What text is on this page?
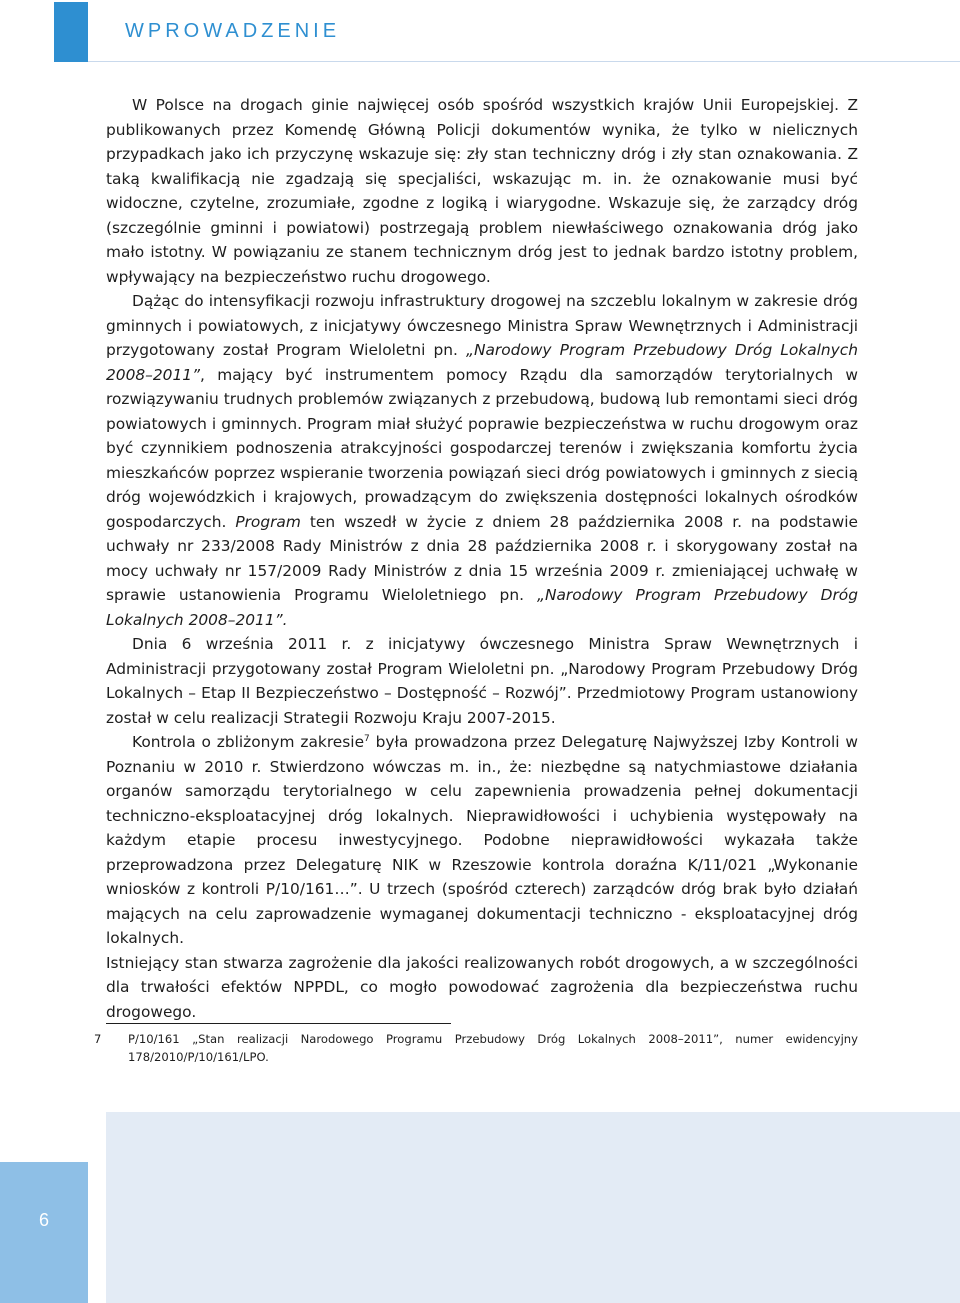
WPROWADZENIE

W Polsce na drogach ginie najwięcej osób spośród wszystkich krajów Unii Europejskiej. Z publikowanych przez Komendę Główną Policji dokumentów wynika, że tylko w nielicznych przypadkach jako ich przyczynę wskazuje się: zły stan techniczny dróg i zły stan oznakowania. Z taką kwalifikacją nie zgadzają się specjaliści, wskazując m. in. że oznakowanie musi być widoczne, czytelne, zrozumiałe, zgodne z logiką i wiarygodne. Wskazuje się, że zarządcy dróg (szczególnie gminni i powiatowi) postrzegają problem niewłaściwego oznakowania dróg jako mało istotny. W powiązaniu ze stanem technicznym dróg jest to jednak bardzo istotny problem, wpływający na bezpieczeństwo ruchu drogowego.

Dążąc do intensyfikacji rozwoju infrastruktury drogowej na szczeblu lokalnym w zakresie dróg gminnych i powiatowych, z inicjatywy ówczesnego Ministra Spraw Wewnętrznych i Administracji przygotowany został Program Wieloletni pn. „Narodowy Program Przebudowy Dróg Lokalnych 2008–2011”, mający być instrumentem pomocy Rządu dla samorządów terytorialnych w rozwiązywaniu trudnych problemów związanych z przebudową, budową lub remontami sieci dróg powiatowych i gminnych. Program miał służyć poprawie bezpieczeństwa w ruchu drogowym oraz być czynnikiem podnoszenia atrakcyjności gospodarczej terenów i zwiększania komfortu życia mieszkańców poprzez wspieranie tworzenia powiązań sieci dróg powiatowych i gminnych z siecią dróg wojewódzkich i krajowych, prowadzącym do zwiększenia dostępności lokalnych ośrodków gospodarczych. Program ten wszedł w życie z dniem 28 października 2008 r. na podstawie uchwały nr 233/2008 Rady Ministrów z dnia 28 października 2008 r. i skorygowany został na mocy uchwały nr 157/2009 Rady Ministrów z dnia 15 września 2009 r. zmieniającej uchwałę w sprawie ustanowienia Programu Wieloletniego pn. „Narodowy Program Przebudowy Dróg Lokalnych 2008–2011”.

Dnia 6 września 2011 r. z inicjatywy ówczesnego Ministra Spraw Wewnętrznych i Administracji przygotowany został Program Wieloletni pn. „Narodowy Program Przebudowy Dróg Lokalnych – Etap II Bezpieczeństwo – Dostępność – Rozwój”. Przedmiotowy Program ustanowiony został w celu realizacji Strategii Rozwoju Kraju 2007-2015.

Kontrola o zbliżonym zakresie$^7$ była prowadzona przez Delegaturę Najwyższej Izby Kontroli w Poznaniu w 2010 r. Stwierdzono wówczas m. in., że: niezbędne są natychmiastowe działania organów samorządu terytorialnego w celu zapewnienia prowadzenia pełnej dokumentacji techniczno-eksploatacyjnej dróg lokalnych. Nieprawidłowości i uchybienia występowały na każdym etapie procesu inwestycyjnego. Podobne nieprawidłowości wykazała także przeprowadzona przez Delegaturę NIK w Rzeszowie kontrola doraźna K/11/021 „Wykonanie wniosków z kontroli P/10/161…”. U trzech (spośród czterech) zarządców dróg brak było działań mających na celu zaprowadzenie wymaganej dokumentacji techniczno - eksploatacyjnej dróg lokalnych.

Istniejący stan stwarza zagrożenie dla jakości realizowanych robót drogowych, a w szczególności dla trwałości efektów NPPDL, co mogło powodować zagrożenia dla bezpieczeństwa ruchu drogowego.

7 P/10/161 „Stan realizacji Narodowego Programu Przebudowy Dróg Lokalnych 2008–2011”, numer ewidencyjny 178/2010/P/10/161/LPO.
6
